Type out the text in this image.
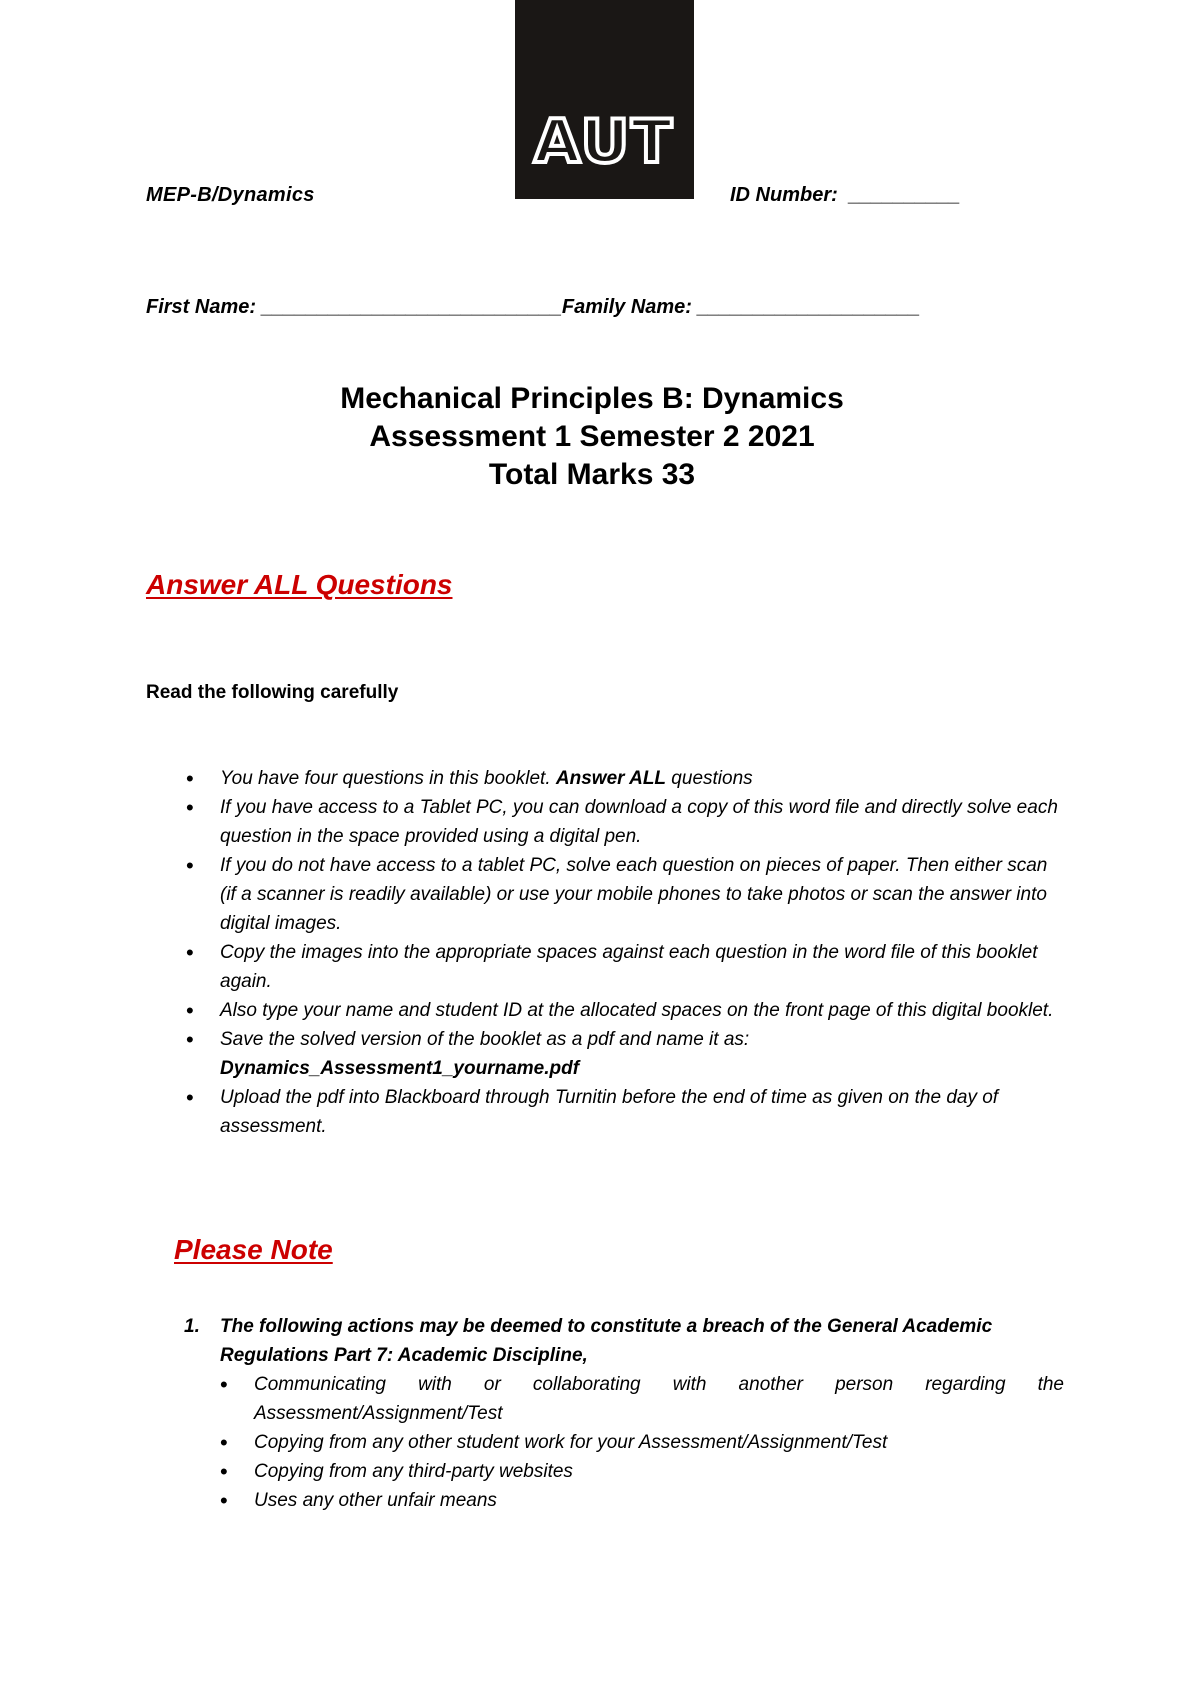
AUT
MEP-B/Dynamics	ID Number:  __________
First Name: ___________________________Family Name: ____________________
Mechanical Principles B: Dynamics
Assessment 1 Semester 2 2021
Total Marks 33
Answer ALL Questions
Read the following carefully
• You have four questions in this booklet. Answer ALL questions
• If you have access to a Tablet PC, you can download a copy of this word file and directly solve each question in the space provided using a digital pen.
• If you do not have access to a tablet PC, solve each question on pieces of paper. Then either scan (if a scanner is readily available) or use your mobile phones to take photos or scan the answer into digital images.
• Copy the images into the appropriate spaces against each question in the word file of this booklet again.
• Also type your name and student ID at the allocated spaces on the front page of this digital booklet.
• Save the solved version of the booklet as a pdf and name it as: Dynamics_Assessment1_yourname.pdf
• Upload the pdf into Blackboard through Turnitin before the end of time as given on the day of assessment.
Please Note
1. The following actions may be deemed to constitute a breach of the General Academic Regulations Part 7: Academic Discipline,
• Communicating with or collaborating with another person regarding the
Assessment/Assignment/Test
• Copying from any other student work for your Assessment/Assignment/Test
• Copying from any third-party websites
• Uses any other unfair means
